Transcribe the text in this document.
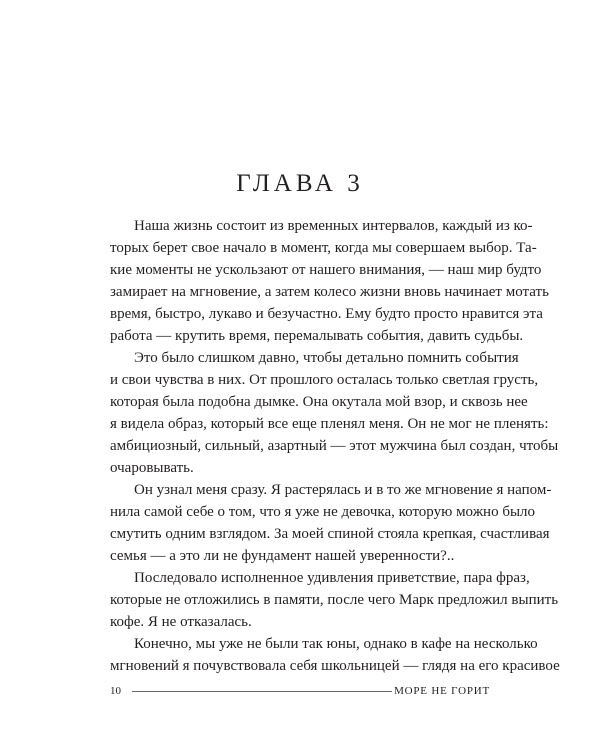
ГЛАВА 3
Наша жизнь состоит из временных интервалов, каждый из ко-
торых берет свое начало в момент, когда мы совершаем выбор. Та-
кие моменты не ускользают от нашего внимания, — наш мир будто
замирает на мгновение, а затем колесо жизни вновь начинает мотать
время, быстро, лукаво и безучастно. Ему будто просто нравится эта
работа — крутить время, перемалывать события, давить судьбы.
Это было слишком давно, чтобы детально помнить события
и свои чувства в них. От прошлого осталась только светлая грусть,
которая была подобна дымке. Она окутала мой взор, и сквозь нее
я видела образ, который все еще пленял меня. Он не мог не пленять:
амбициозный, сильный, азартный — этот мужчина был создан, чтобы
очаровывать.
Он узнал меня сразу. Я растерялась и в то же мгновение я напом-
нила самой себе о том, что я уже не девочка, которую можно было
смутить одним взглядом. За моей спиной стояла крепкая, счастливая
семья — а это ли не фундамент нашей уверенности?..
Последовало исполненное удивления приветствие, пара фраз,
которые не отложились в памяти, после чего Марк предложил выпить
кофе. Я не отказалась.
Конечно, мы уже не были так юны, однако в кафе на несколько
мгновений я почувствовала себя школьницей — глядя на его красивое
10	МОРЕ НЕ ГОРИТ
